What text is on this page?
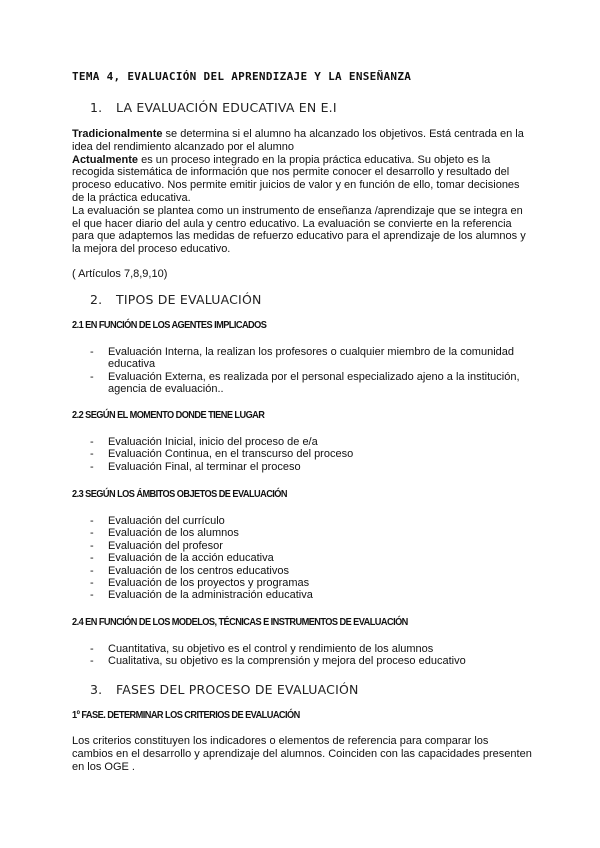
TEMA 4, EVALUACIÓN DEL APRENDIZAJE Y LA ENSEÑANZA
1. LA EVALUACIÓN EDUCATIVA EN E.I
Tradicionalmente se determina si el alumno ha alcanzado los objetivos. Está centrada en la idea del rendimiento alcanzado por el alumno
Actualmente es un proceso integrado en la propia práctica educativa. Su objeto es la recogida sistemática de información que nos permite conocer el desarrollo y resultado del proceso educativo. Nos permite emitir juicios de valor y en función de ello, tomar decisiones de la práctica educativa.
La evaluación se plantea como un instrumento de enseñanza /aprendizaje que se integra en el que hacer diario del aula y centro educativo. La evaluación se convierte en la referencia para que adaptemos las medidas de refuerzo educativo para el aprendizaje de los alumnos y la mejora del proceso educativo.
( Artículos 7,8,9,10)
2. TIPOS DE EVALUACIÓN
2.1 EN FUNCIÓN DE LOS AGENTES IMPLICADOS
- Evaluación Interna, la realizan los profesores o cualquier miembro de la comunidad educativa
- Evaluación Externa, es realizada por el personal especializado ajeno a la institución, agencia de evaluación..
2.2 SEGÚN EL MOMENTO DONDE TIENE LUGAR
- Evaluación Inicial, inicio del proceso de e/a
- Evaluación Continua, en el transcurso del proceso
- Evaluación Final, al terminar el proceso
2.3 SEGÚN LOS ÁMBITOS OBJETOS DE EVALUACIÓN
- Evaluación del currículo
- Evaluación de los alumnos
- Evaluación del profesor
- Evaluación de la acción educativa
- Evaluación de los centros educativos
- Evaluación de los proyectos y programas
- Evaluación de la administración educativa
2.4 EN FUNCIÓN DE LOS MODELOS, TÉCNICAS E INSTRUMENTOS DE EVALUACIÓN
- Cuantitativa, su objetivo es el control y rendimiento de los alumnos
- Cualitativa, su objetivo es la comprensión y mejora del proceso educativo
3. FASES DEL PROCESO DE EVALUACIÓN
1º FASE. DETERMINAR LOS CRITERIOS DE EVALUACIÓN
Los criterios constituyen los indicadores o elementos de referencia para comparar los cambios en el desarrollo y aprendizaje del alumnos. Coinciden con las capacidades presenten en los OGE .
